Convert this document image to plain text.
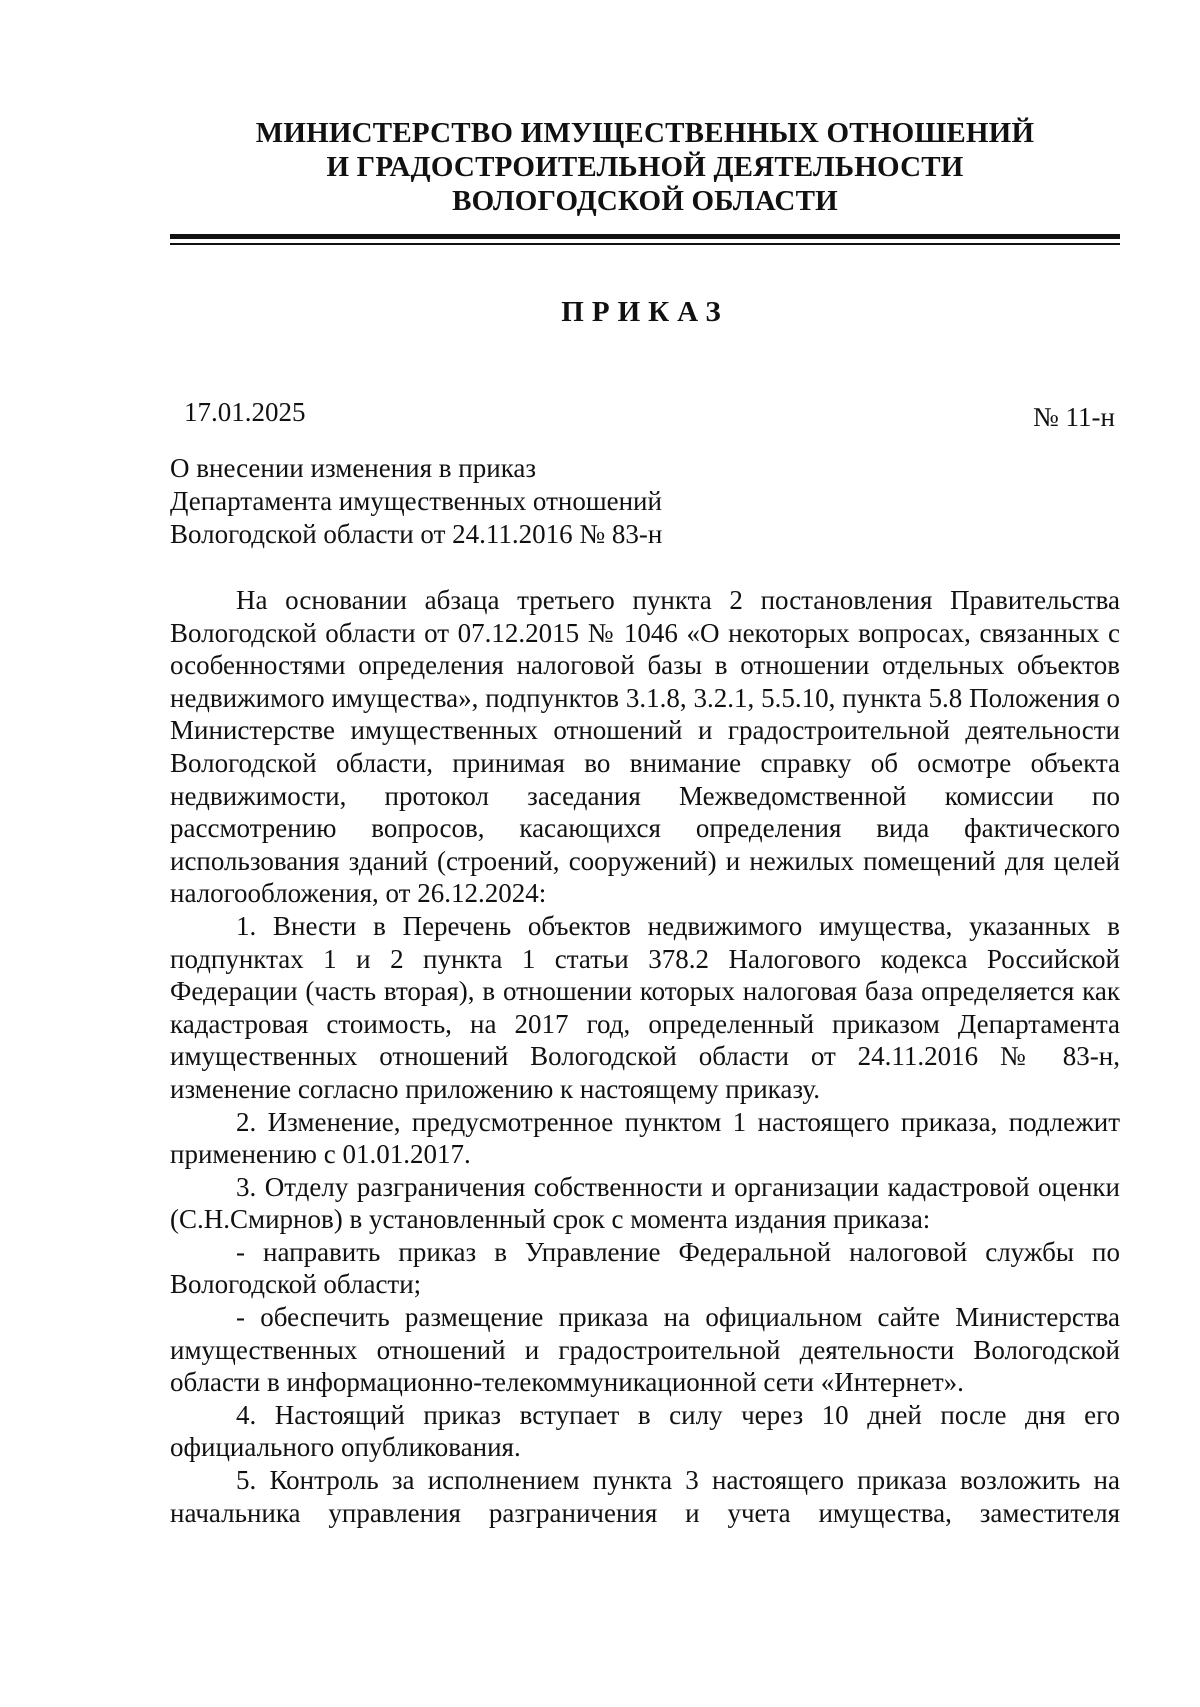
МИНИСТЕРСТВО ИМУЩЕСТВЕННЫХ ОТНОШЕНИЙ
И ГРАДОСТРОИТЕЛЬНОЙ ДЕЯТЕЛЬНОСТИ
ВОЛОГОДСКОЙ ОБЛАСТИ
ПРИКАЗ
17.01.2025	№ 11-н
О внесении изменения в приказ
Департамента имущественных отношений
Вологодской области от 24.11.2016 № 83-н

На основании абзаца третьего пункта 2 постановления Правительства Вологодской области от 07.12.2015 № 1046 «О некоторых вопросах, связанных с особенностями определения налоговой базы в отношении отдельных объектов недвижимого имущества», подпунктов 3.1.8, 3.2.1, 5.5.10, пункта 5.8 Положения о Министерстве имущественных отношений и градостроительной деятельности Вологодской области, принимая во внимание справку об осмотре объекта недвижимости, протокол заседания Межведомственной комиссии по рассмотрению вопросов, касающихся определения вида фактического использования зданий (строений, сооружений) и нежилых помещений для целей налогообложения, от 26.12.2024:

1. Внести в Перечень объектов недвижимого имущества, указанных в подпунктах 1 и 2 пункта 1 статьи 378.2 Налогового кодекса Российской Федерации (часть вторая), в отношении которых налоговая база определяется как кадастровая стоимость, на 2017 год, определенный приказом Департамента имущественных отношений Вологодской области от 24.11.2016 № 83-н, изменение согласно приложению к настоящему приказу.

2. Изменение, предусмотренное пунктом 1 настоящего приказа, подлежит применению с 01.01.2017.

3. Отделу разграничения собственности и организации кадастровой оценки (С.Н.Смирнов) в установленный срок с момента издания приказа:

- направить приказ в Управление Федеральной налоговой службы по Вологодской области;

- обеспечить размещение приказа на официальном сайте Министерства имущественных отношений и градостроительной деятельности Вологодской области в информационно-телекоммуникационной сети «Интернет».

4. Настоящий приказ вступает в силу через 10 дней после дня его официального опубликования.

5. Контроль за исполнением пункта 3 настоящего приказа возложить на начальника управления разграничения и учета имущества, заместителя
